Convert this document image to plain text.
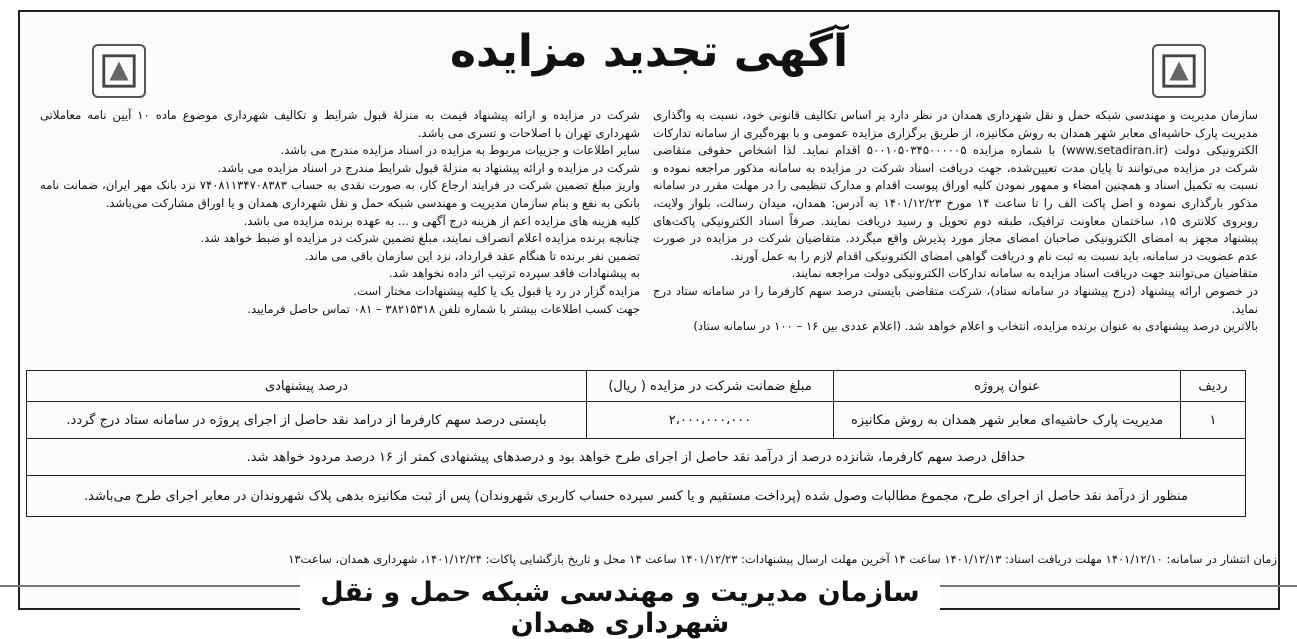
آگهی تجدید مزایده

سازمان مدیریت و مهندسی شبکه حمل و نقل شهرداری همدان در نظر دارد بر اساس تکالیف قانونی خود، نسبت به واگذاری مدیریت پارک حاشیه‌ای معابر شهر همدان به روش مکانیزه، از طریق برگزاری مزایده عمومی و با بهره‌گیری از سامانه تدارکات الکترونیکی دولت (www.setadiran.ir) با شماره مزایده ۵۰۰۱۰۵۰۳۴۵۰۰۰۰۰۵ اقدام نماید. لذا اشخاص حقوقی متقاضی شرکت در مزایده می‌توانند تا پایان مدت تعیین‌شده، جهت دریافت اسناد شرکت در مزایده به سامانه مذکور مراجعه نموده و نسبت به تکمیل اسناد و همچنین امضاء و ممهور نمودن کلیه اوراق پیوست اقدام و مدارک تنظیمی را در مهلت مقرر در سامانه مذکور بارگذاری نموده و اصل پاکت الف را تا ساعت ۱۴ مورخ ۱۴۰۱/۱۲/۲۳ به آدرس: همدان، میدان رسالت، بلوار ولایت، روبروی کلانتری ۱۵، ساختمان معاونت ترافیک، طبقه دوم تحویل و رسید دریافت نمایند. صرفاً اسناد الکترونیکی پاکت‌های پیشنهاد مجهز به امضای الکترونیکی صاحبان امضای مجاز مورد پذیرش واقع میگردد. متقاضیان شرکت در مزایده در صورت عدم عضویت در سامانه، باید نسبت به ثبت نام و دریافت گواهی امضای الکترونیکی اقدام لازم را به عمل آورند.

متقاضیان می‌توانند جهت دریافت اسناد مزایده به سامانه تدارکات الکترونیکی دولت مراجعه نمایند.

در خصوص ارائه پیشنهاد (درج پیشنهاد در سامانه ستاد)، شرکت متقاضی بایستی درصد سهم کارفرما را در سامانه ستاد درج نماید.

بالاترین درصد پیشنهادی به عنوان برنده مزایده، انتخاب و اعلام خواهد شد. (اعلام عددی بین ۱۶ – ۱۰۰ در سامانه ستاد)

شرکت در مزایده و ارائه پیشنهاد قیمت به منزلهٔ قبول شرایط و تکالیف شهرداری موضوع ماده ۱۰ آیین نامه معاملاتی شهرداری تهران با اصلاحات و تسری می باشد.

سایر اطلاعات و جزییات مربوط به مزایده در اسناد مزایده مندرج می باشد.

شرکت در مزایده و ارائه پیشنهاد به منزلهٔ قبول شرایط مندرج در اسناد مزایده می باشد.

واریز مبلغ تضمین شرکت در فرایند ارجاع کار، به صورت نقدی به حساب ۷۴۰۸۱۱۳۴۷۰۸۳۸۳ نزد بانک مهر ایران، ضمانت نامه بانکی به نفع و بنام سازمان مدیریت و مهندسی شبکه حمل و نقل شهرداری همدان و یا اوراق مشارکت می‌باشد.

کلیه هزینه های مزایده اعم از هزینه درج آگهی و ... به عهده برنده مزایده می باشد.

چنانچه برنده مزایده اعلام انصراف نمایند، مبلغ تضمین شرکت در مزایده او ضبط خواهد شد.

تضمین نفر برنده تا هنگام عقد قرارداد، نزد این سازمان باقی می ماند.

به پیشنهادات فاقد سپرده ترتیب اثر داده نخواهد شد.

مزایده گزار در رد یا قبول یک یا کلیه پیشنهادات مختار است.

جهت کسب اطلاعات بیشتر با شماره تلفن ۳۸۲۱۵۳۱۸ – ۰۸۱ تماس حاصل فرمایید.

ردیف	عنوان پروژه	مبلغ ضمانت شرکت در مزایده ( ریال)	درصد پیشنهادی
۱	مدیریت پارک حاشیه‌ای معابر شهر همدان به روش مکانیزه	۲،۰۰۰،۰۰۰،۰۰۰	بایستی درصد سهم کارفرما از درامد نقد حاصل از اجرای پروژه در سامانه ستاد درج گردد.
حداقل درصد سهم کارفرما، شانزده درصد از درآمد نقد حاصل از اجرای طرح خواهد بود و درصدهای پیشنهادی کمتر از ۱۶ درصد مردود خواهد شد.			
منظور از درآمد نقد حاصل از اجرای طرح، مجموع مطالبات وصول شده (پرداخت مستقیم و یا کسر سپرده حساب کاربری شهروندان) پس از ثبت مکانیزه بدهی پلاک شهروندان در معابر اجرای طرح می‌باشد.			
زمان انتشار در سامانه: ۱۴۰۱/۱۲/۱۰ مهلت دریافت اسناد: ۱۴۰۱/۱۲/۱۳ ساعت ۱۴ آخرین مهلت ارسال پیشنهادات: ۱۴۰۱/۱۲/۲۳ ساعت ۱۴ محل و تاریخ بازگشایی پاکات: ۱۴۰۱/۱۲/۲۴، شهرداری همدان، ساعت۱۳
سازمان مدیریت و مهندسی شبکه حمل و نقل شهرداری همدان
